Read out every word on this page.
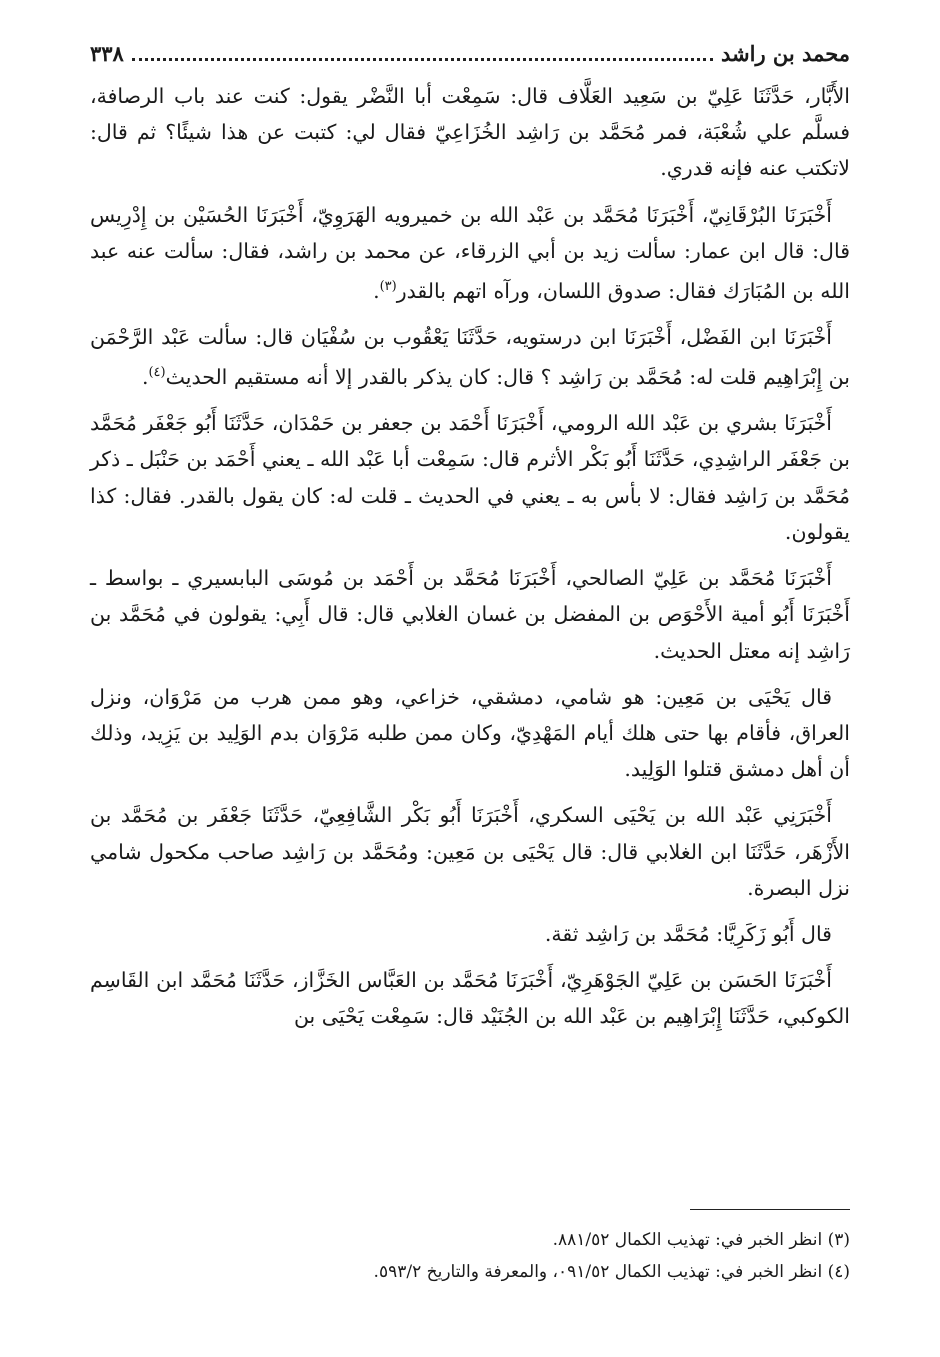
محمد بن راشد
٣٣٨

الأَبَّار، حَدَّثَنَا عَلِيّ بن سَعِيد العَلَّاف قال: سَمِعْت أبا النَّضْر يقول: كنت عند باب الرصافة، فسلَّم علي شُعْبَة، فمر مُحَمَّد بن رَاشِد الخُزَاعِيّ فقال لي: كتبت عن هذا شيئًا؟ ثم قال: لاتكتب عنه فإنه قدري.

أَخْبَرَنَا البُرْقَانِيّ، أَخْبَرَنَا مُحَمَّد بن عَبْد الله بن خميرويه الهَرَوِيّ، أَخْبَرَنَا الحُسَيْن بن إِدْرِيس قال: قال ابن عمار: سألت زيد بن أبي الزرقاء، عن محمد بن راشد، فقال: سألت عنه عبد الله بن المُبَارَك فقال: صدوق اللسان، ورآه اتهم بالقدر$^{(٣)}$.

أَخْبَرَنَا ابن الفَضْل، أَخْبَرَنَا ابن درستويه، حَدَّثَنَا يَعْقُوب بن سُفْيَان قال: سألت عَبْد الرَّحْمَن بن إِبْرَاهِيم قلت له: مُحَمَّد بن رَاشِد ؟ قال: كان يذكر بالقدر إلا أنه مستقيم الحديث$^{(٤)}$.

أَخْبَرَنَا بشري بن عَبْد الله الرومي، أَخْبَرَنَا أَحْمَد بن جعفر بن حَمْدَان، حَدَّثَنَا أَبُو جَعْفَر مُحَمَّد بن جَعْفَر الراشِدِي، حَدَّثَنَا أَبُو بَكْر الأثرم قال: سَمِعْت أبا عَبْد الله ـ يعني أَحْمَد بن حَنْبَل ـ ذكر مُحَمَّد بن رَاشِد فقال: لا بأس به ـ يعني في الحديث ـ قلت له: كان يقول بالقدر. فقال: كذا يقولون.

أَخْبَرَنَا مُحَمَّد بن عَلِيّ الصالحي، أَخْبَرَنَا مُحَمَّد بن أَحْمَد بن مُوسَى البابسيري ـ بواسط ـ أَخْبَرَنَا أَبُو أمية الأَحْوَص بن المفضل بن غسان الغلابي قال: قال أَبِي: يقولون في مُحَمَّد بن رَاشِد إنه معتل الحديث.

قال يَحْيَى بن مَعِين: هو شامي، دمشقي، خزاعي، وهو ممن هرب من مَرْوَان، ونزل العراق، فأقام بها حتى هلك أيام المَهْدِيّ، وكان ممن طلبه مَرْوَان بدم الوَلِيد بن يَزِيد، وذلك أن أهل دمشق قتلوا الوَلِيد.

أَخْبَرَنِي عَبْد الله بن يَحْيَى السكري، أَخْبَرَنَا أَبُو بَكْر الشَّافِعِيّ، حَدَّثَنَا جَعْفَر بن مُحَمَّد بن الأَزْهَر، حَدَّثَنَا ابن الغلابي قال: قال يَحْيَى بن مَعِين: ومُحَمَّد بن رَاشِد صاحب مكحول شامي نزل البصرة.

قال أَبُو زَكَرِيَّا: مُحَمَّد بن رَاشِد ثقة.

أَخْبَرَنَا الحَسَن بن عَلِيّ الجَوْهَرِيّ، أَخْبَرَنَا مُحَمَّد بن العَبَّاس الخَزَّاز، حَدَّثَنَا مُحَمَّد ابن القَاسِم الكوكبي، حَدَّثَنَا إِبْرَاهِيم بن عَبْد الله بن الجُنَيْد قال: سَمِعْت يَحْيَى بن

(٣) انظر الخبر في: تهذيب الكمال ٨٨١/٥٢.

(٤) انظر الخبر في: تهذيب الكمال ٠٩١/٥٢، والمعرفة والتاريخ ٥٩٣/٢.
